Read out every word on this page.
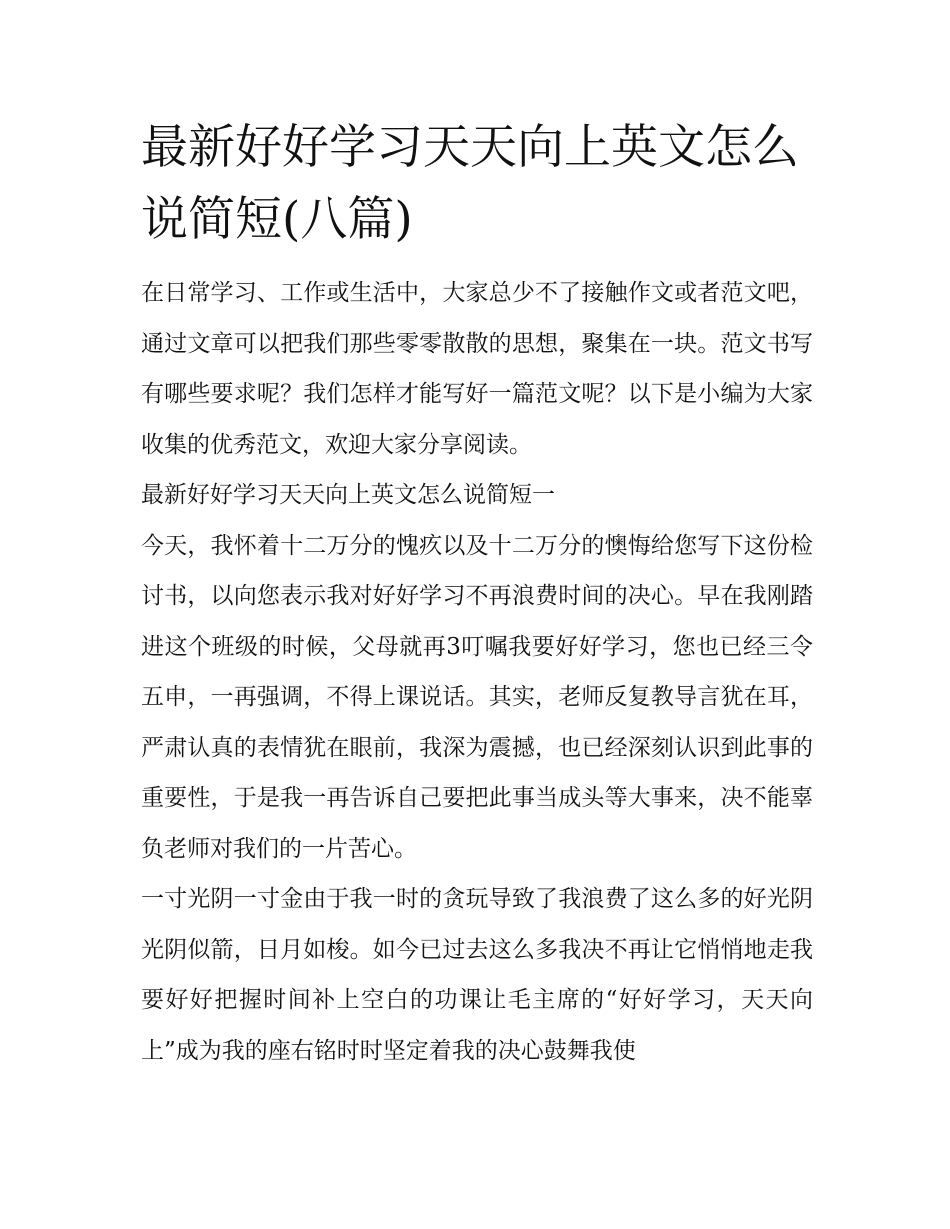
最新好好学习天天向上英文怎么说简短(八篇)

在日常学习、工作或生活中，大家总少不了接触作文或者范文吧，通过文章可以把我们那些零零散散的思想，聚集在一块。范文书写有哪些要求呢？我们怎样才能写好一篇范文呢？以下是小编为大家收集的优秀范文，欢迎大家分享阅读。

最新好好学习天天向上英文怎么说简短一

今天，我怀着十二万分的愧疚以及十二万分的懊悔给您写下这份检讨书，以向您表示我对好好学习不再浪费时间的决心。早在我刚踏进这个班级的时候，父母就再3叮嘱我要好好学习，您也已经三令五申，一再强调，不得上课说话。其实，老师反复教导言犹在耳，严肃认真的表情犹在眼前，我深为震撼，也已经深刻认识到此事的重要性，于是我一再告诉自己要把此事当成头等大事来，决不能辜负老师对我们的一片苦心。

一寸光阴一寸金由于我一时的贪玩导致了我浪费了这么多的好光阴光阴似箭，日月如梭。如今已过去这么多我决不再让它悄悄地走我要好好把握时间补上空白的功课让毛主席的“好好学习，天天向上”成为我的座右铭时时坚定着我的决心鼓舞我使
